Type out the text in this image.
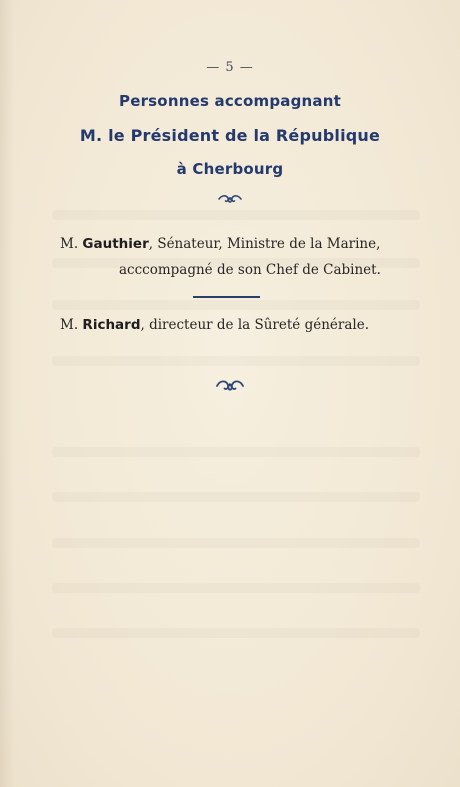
— 5 —
Personnes accompagnant
M. le Président de la République
à Cherbourg
M. Gauthier, Sénateur, Ministre de la Marine,
acccompagné de son Chef de Cabinet.
M. Richard, directeur de la Sûreté générale.
